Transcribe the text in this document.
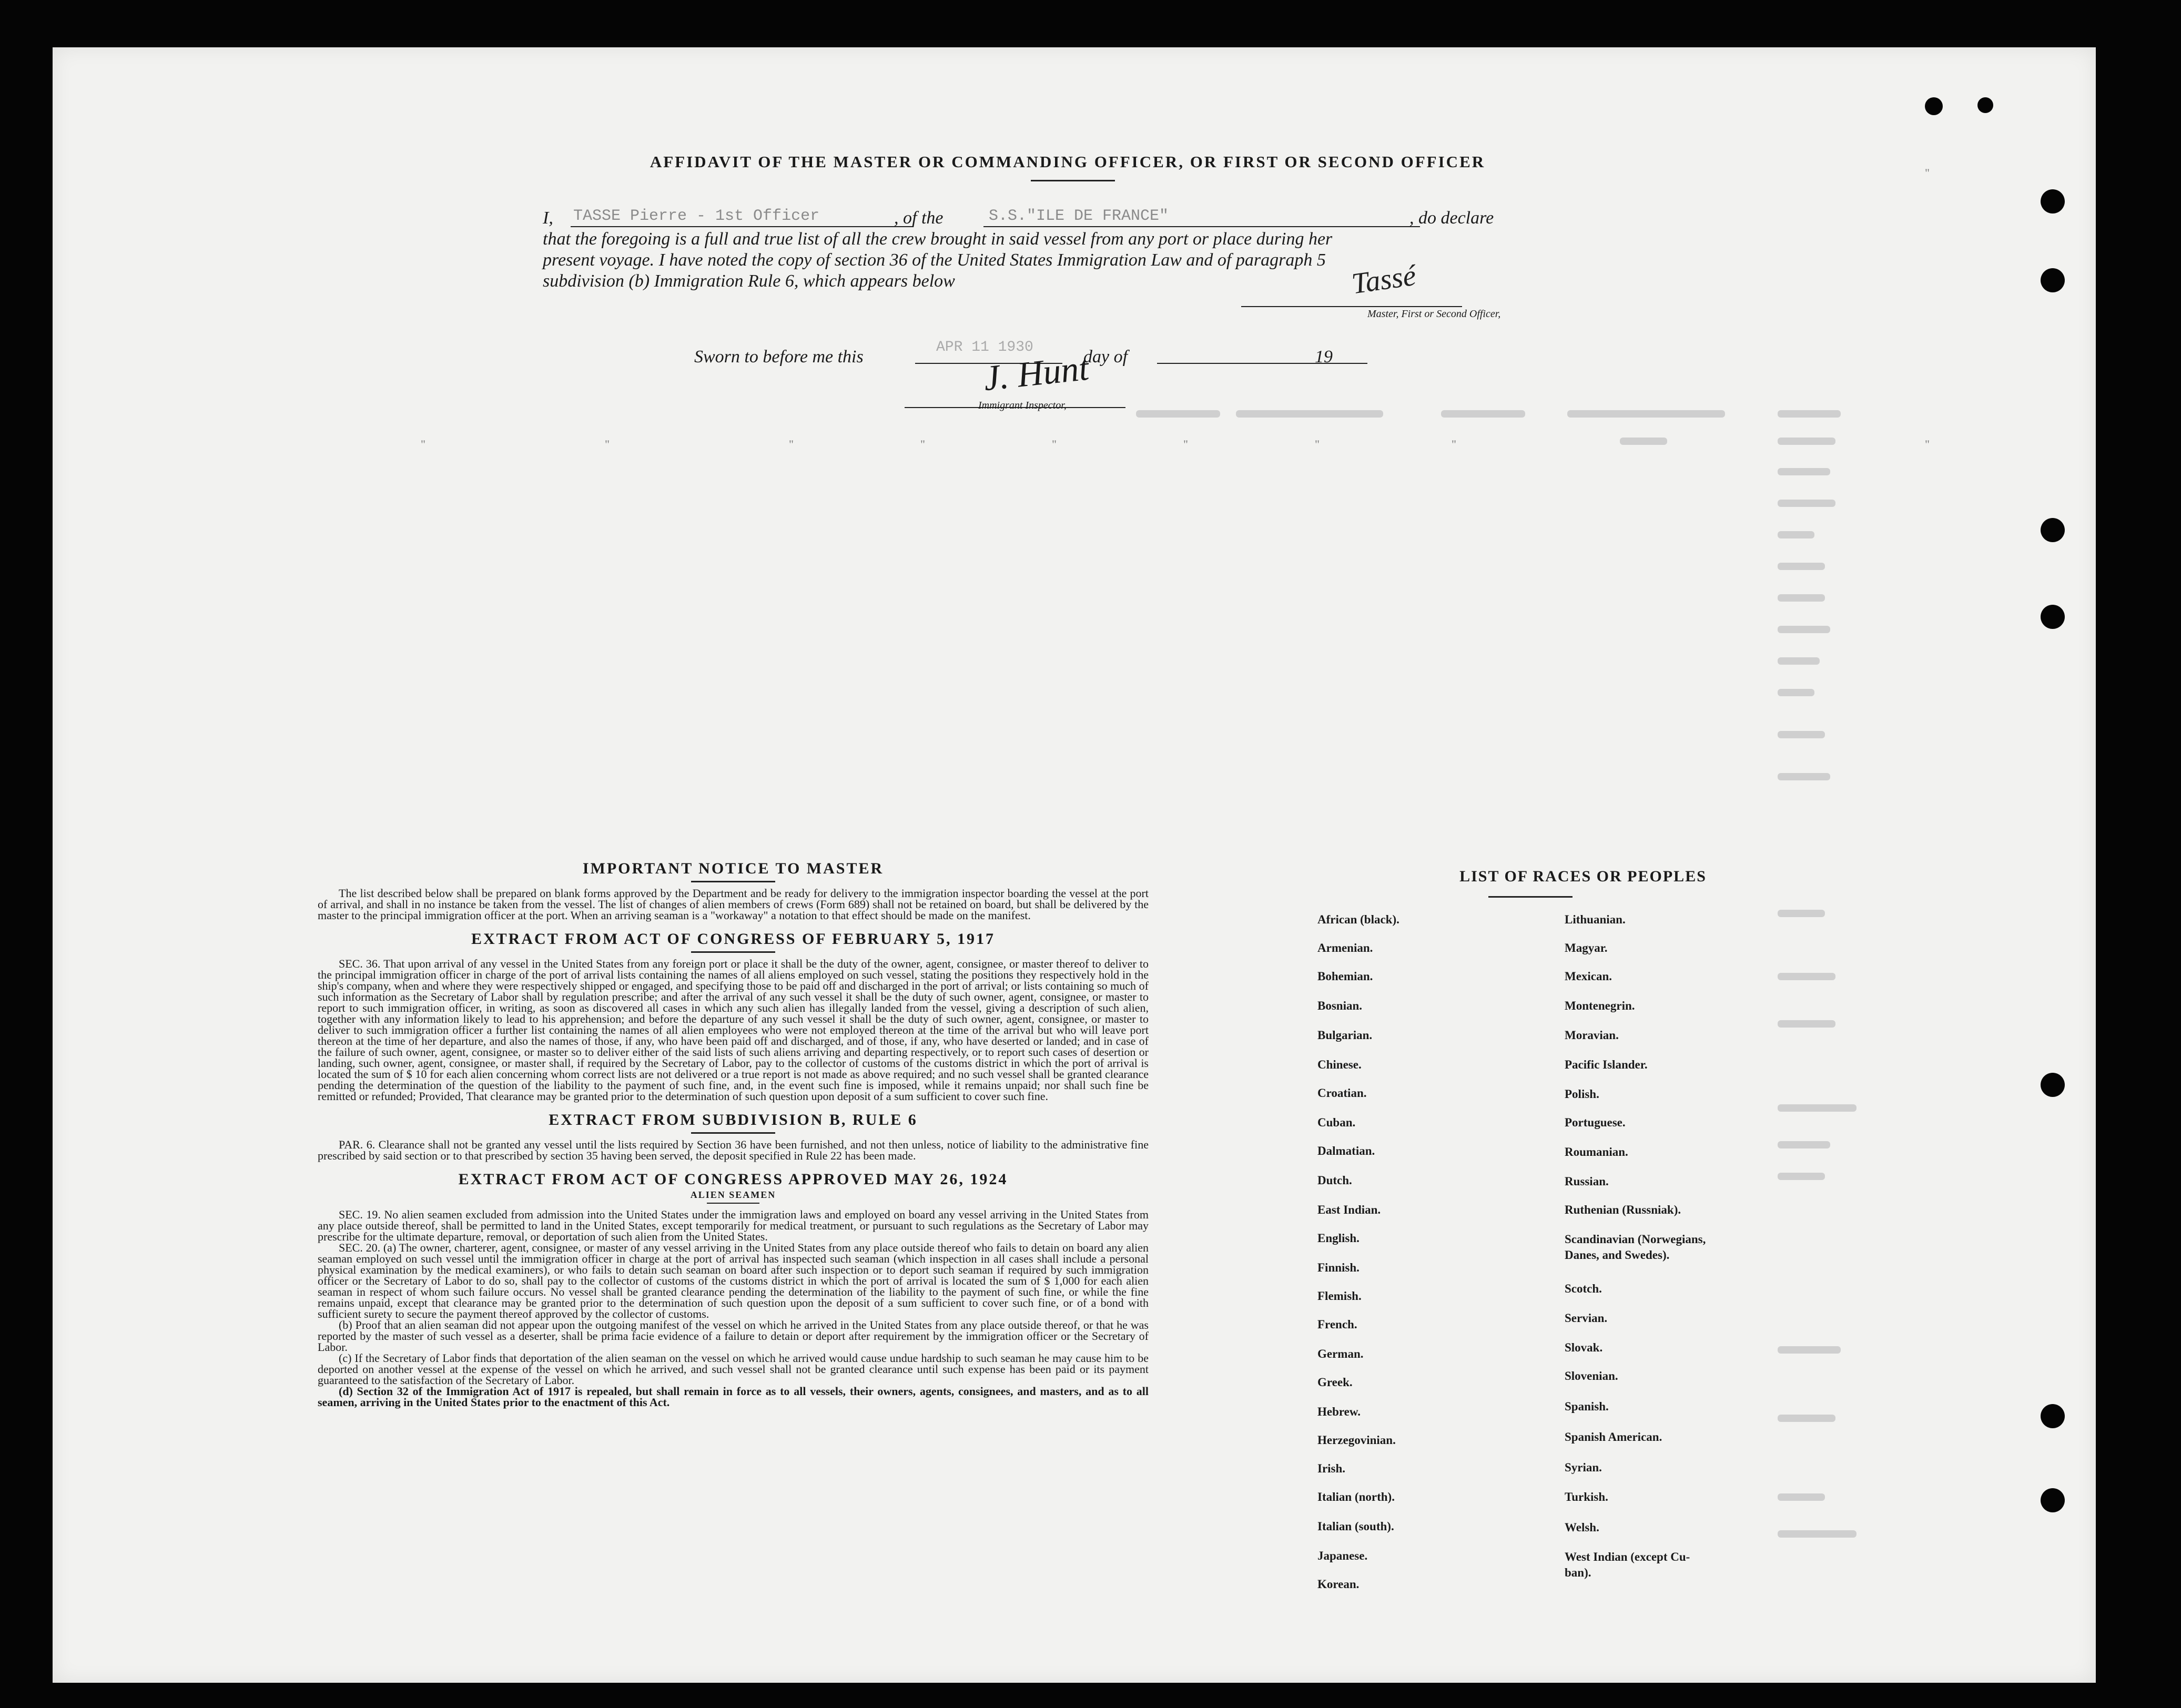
AFFIDAVIT OF THE MASTER OR COMMANDING OFFICER, OR FIRST OR SECOND OFFICER
I, TASSE Pierre - 1st Officer	, of the	S.S."ILE DE FRANCE"	, do declare
that the foregoing is a full and true list of all the crew brought in said vessel from any port or place during her
present voyage. I have noted the copy of section 36 of the United States Immigration Law and of paragraph 5
subdivision (b) Immigration Rule 6, which appears below	Tassé
Master, First or Second Officer,
Sworn to before me this	APR 11 1930	day of	19
J. Hunt
Immigrant Inspector,
"
"	"	"	"	"	"	"	"	"
IMPORTANT NOTICE TO MASTER
The list described below shall be prepared on blank forms approved by the Department and be ready for delivery to the immigration inspector boarding the vessel at the port of arrival, and shall in no instance be taken from the vessel. The list of changes of alien members of crews (Form 689) shall not be retained on board, but shall be delivered by the master to the principal immigration officer at the port. When an arriving seaman is a "workaway" a notation to that effect should be made on the manifest.
EXTRACT FROM ACT OF CONGRESS OF FEBRUARY 5, 1917
SEC. 36. That upon arrival of any vessel in the United States from any foreign port or place it shall be the duty of the owner, agent, consignee, or master thereof to deliver to the principal immigration officer in charge of the port of arrival lists containing the names of all aliens employed on such vessel, stating the positions they respectively hold in the ship's company, when and where they were respectively shipped or engaged, and specifying those to be paid off and discharged in the port of arrival; or lists containing so much of such information as the Secretary of Labor shall by regulation prescribe; and after the arrival of any such vessel it shall be the duty of such owner, agent, consignee, or master to report to such immigration officer, in writing, as soon as discovered all cases in which any such alien has illegally landed from the vessel, giving a description of such alien, together with any information likely to lead to his apprehension; and before the departure of any such vessel it shall be the duty of such owner, agent, consignee, or master to deliver to such immigration officer a further list containing the names of all alien employees who were not employed thereon at the time of the arrival but who will leave port thereon at the time of her departure, and also the names of those, if any, who have been paid off and discharged, and of those, if any, who have deserted or landed; and in case of the failure of such owner, agent, consignee, or master so to deliver either of the said lists of such aliens arriving and departing respectively, or to report such cases of desertion or landing, such owner, agent, consignee, or master shall, if required by the Secretary of Labor, pay to the collector of customs of the customs district in which the port of arrival is located the sum of $ 10 for each alien concerning whom correct lists are not delivered or a true report is not made as above required; and no such vessel shall be granted clearance pending the determination of the question of the liability to the payment of such fine, and, in the event such fine is imposed, while it remains unpaid; nor shall such fine be remitted or refunded; Provided, That clearance may be granted prior to the determination of such question upon deposit of a sum sufficient to cover such fine.
EXTRACT FROM SUBDIVISION B, RULE 6
PAR. 6. Clearance shall not be granted any vessel until the lists required by Section 36 have been furnished, and not then unless, notice of liability to the administrative fine prescribed by said section or to that prescribed by section 35 having been served, the deposit specified in Rule 22 has been made.
EXTRACT FROM ACT OF CONGRESS APPROVED MAY 26, 1924
ALIEN SEAMEN
SEC. 19. No alien seamen excluded from admission into the United States under the immigration laws and employed on board any vessel arriving in the United States from any place outside thereof, shall be permitted to land in the United States, except temporarily for medical treatment, or pursuant to such regulations as the Secretary of Labor may prescribe for the ultimate departure, removal, or deportation of such alien from the United States.
SEC. 20. (a) The owner, charterer, agent, consignee, or master of any vessel arriving in the United States from any place outside thereof who fails to detain on board any alien seaman employed on such vessel until the immigration officer in charge at the port of arrival has inspected such seaman (which inspection in all cases shall include a personal physical examination by the medical examiners), or who fails to detain such seaman on board after such inspection or to deport such seaman if required by such immigration officer or the Secretary of Labor to do so, shall pay to the collector of customs of the customs district in which the port of arrival is located the sum of $ 1,000 for each alien seaman in respect of whom such failure occurs. No vessel shall be granted clearance pending the determination of the liability to the payment of such fine, or while the fine remains unpaid, except that clearance may be granted prior to the determination of such question upon the deposit of a sum sufficient to cover such fine, or of a bond with sufficient surety to secure the payment thereof approved by the collector of customs.
(b) Proof that an alien seaman did not appear upon the outgoing manifest of the vessel on which he arrived in the United States from any place outside thereof, or that he was reported by the master of such vessel as a deserter, shall be prima facie evidence of a failure to detain or deport after requirement by the immigration officer or the Secretary of Labor.
(c) If the Secretary of Labor finds that deportation of the alien seaman on the vessel on which he arrived would cause undue hardship to such seaman he may cause him to be deported on another vessel at the expense of the vessel on which he arrived, and such vessel shall not be granted clearance until such expense has been paid or its payment guaranteed to the satisfaction of the Secretary of Labor.
(d) Section 32 of the Immigration Act of 1917 is repealed, but shall remain in force as to all vessels, their owners, agents, consignees, and masters, and as to all seamen, arriving in the United States prior to the enactment of this Act.
LIST OF RACES OR PEOPLES
African (black).
Armenian.
Bohemian.
Bosnian.
Bulgarian.
Chinese.
Croatian.
Cuban.
Dalmatian.
Dutch.
East Indian.
English.
Finnish.
Flemish.
French.
German.
Greek.
Hebrew.
Herzegovinian.
Irish.
Italian (north).
Italian (south).
Japanese.
Korean.
Lithuanian.
Magyar.
Mexican.
Montenegrin.
Moravian.
Pacific Islander.
Polish.
Portuguese.
Roumanian.
Russian.
Ruthenian (Russniak).
Scandinavian (Norwegians,
Danes, and Swedes).
Scotch.
Servian.
Slovak.
Slovenian.
Spanish.
Spanish American.
Syrian.
Turkish.
Welsh.
West Indian (except Cu-
ban).
